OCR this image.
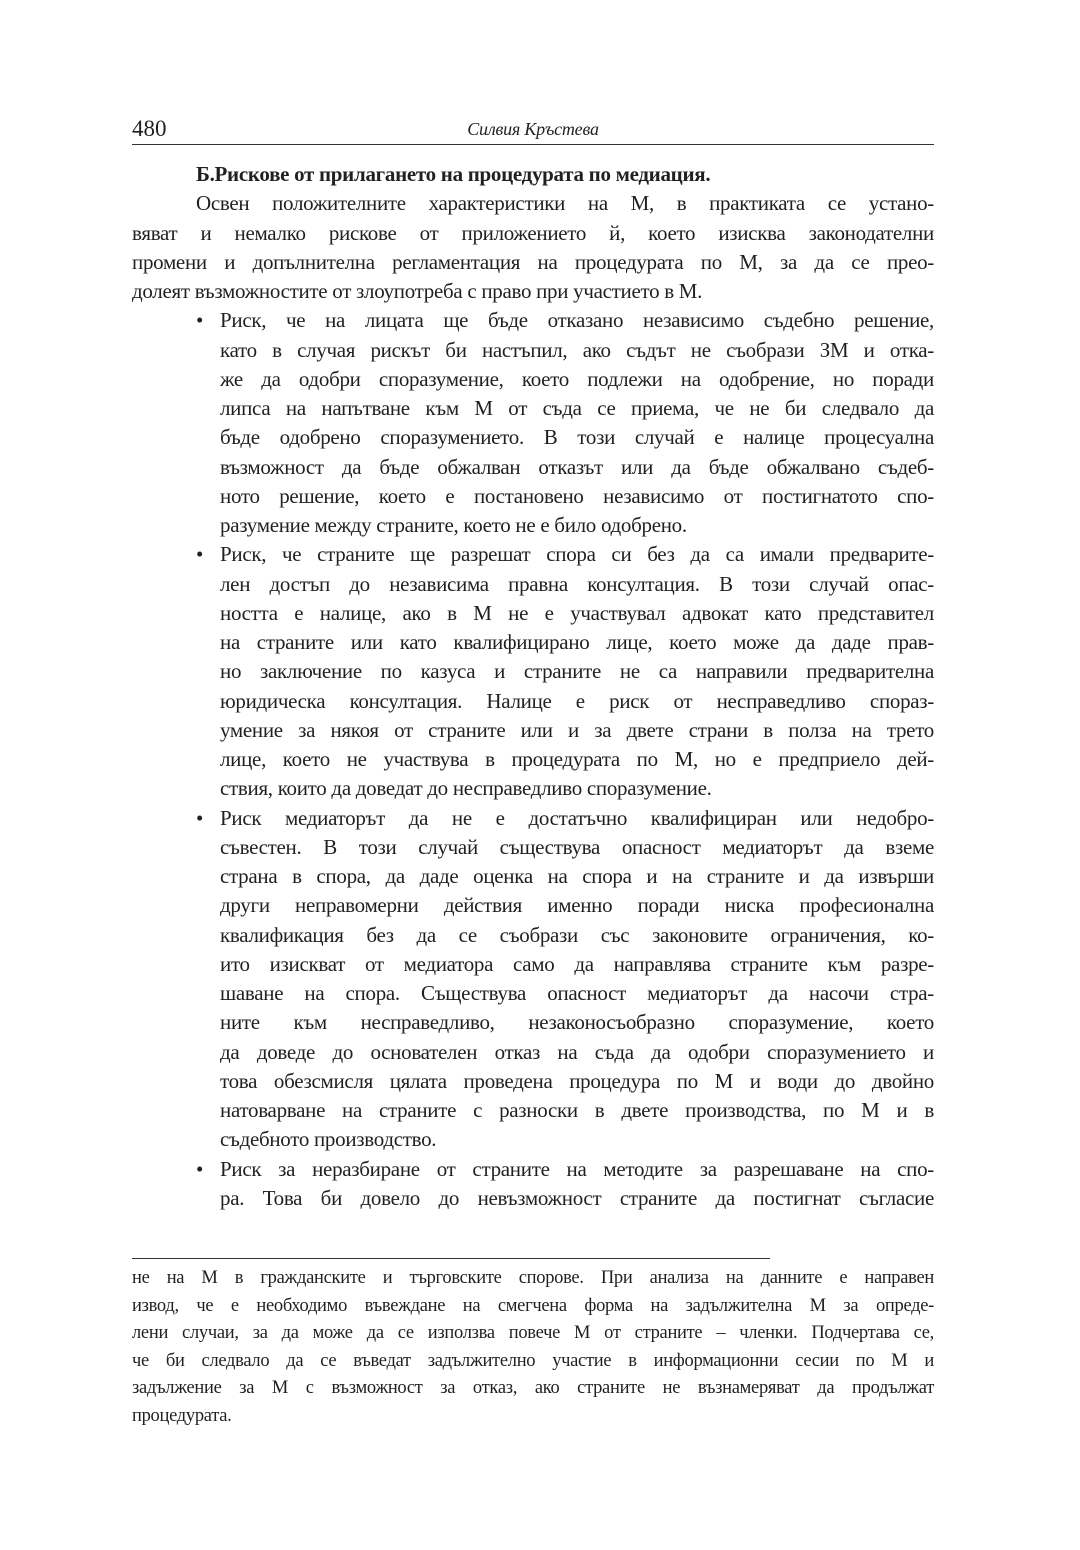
480	Силвия Кръстева
Б.Рискове от прилагането на процедурата по медиация.
Освен положителните характеристики на М, в практиката се устано-
вяват и немалко рискове от приложението й, което изисква законодателни
промени и допълнителна регламентация на процедурата по М, за да се прео-
долеят възможностите от злоупотреба с право при участието в М.
• Риск, че на лицата ще бъде отказано независимо съдебно решение,
като в случая рискът би настъпил, ако съдът не съобрази ЗМ и отка-
же да одобри споразумение, което подлежи на одобрение, но поради
липса на напътване към М от съда се приема, че не би следвало да
бъде одобрено споразумението. В този случай е налице процесуална
възможност да бъде обжалван отказът или да бъде обжалвано съдеб-
ното решение, което е постановено независимо от постигнатото спо-
разумение между страните, което не е било одобрено.
• Риск, че страните ще разрешат спора си без да са имали предварите-
лен достъп до независима правна консултация. В този случай опас-
ността е налице, ако в М не е участвувал адвокат като представител
на страните или като квалифицирано лице, което може да даде прав-
но заключение по казуса и страните не са направили предварителна
юридическа консултация. Налице е риск от несправедливо спораз-
умение за някоя от страните или и за двете страни в полза на трето
лице, което не участвува в процедурата по М, но е предприело дей-
ствия, които да доведат до несправедливо споразумение.
• Риск медиаторът да не е достатъчно квалифициран или недобро-
съвестен. В този случай съществува опасност медиаторът да вземе
страна в спора, да даде оценка на спора и на страните и да извърши
други неправомерни действия именно поради ниска професионална
квалификация без да се съобрази със законовите ограничения, ко-
ито изискват от медиатора само да направлява страните към разре-
шаване на спора. Съществува опасност медиаторът да насочи стра-
ните към несправедливо, незаконосъобразно споразумение, което
да доведе до основателен отказ на съда да одобри споразумението и
това обезсмисля цялата проведена процедура по М и води до двойно
натоварване на страните с разноски в двете производства, по М и в
съдебното производство.
• Риск за неразбиране от страните на методите за разрешаване на спо-
ра. Това би довело до невъзможност страните да постигнат съгласие
не на М в гражданските и търговските спорове. При анализа на данните е направен
извод, че е необходимо въвеждане на смегчена форма на задължителна М за опреде-
лени случаи, за да може да се използва повече М от страните – членки. Подчертава се,
че би следвало да се въведат задължително участие в информационни сесии по М и
задължение за М с възможност за отказ, ако страните не възнамеряват да продължат
процедурата.
